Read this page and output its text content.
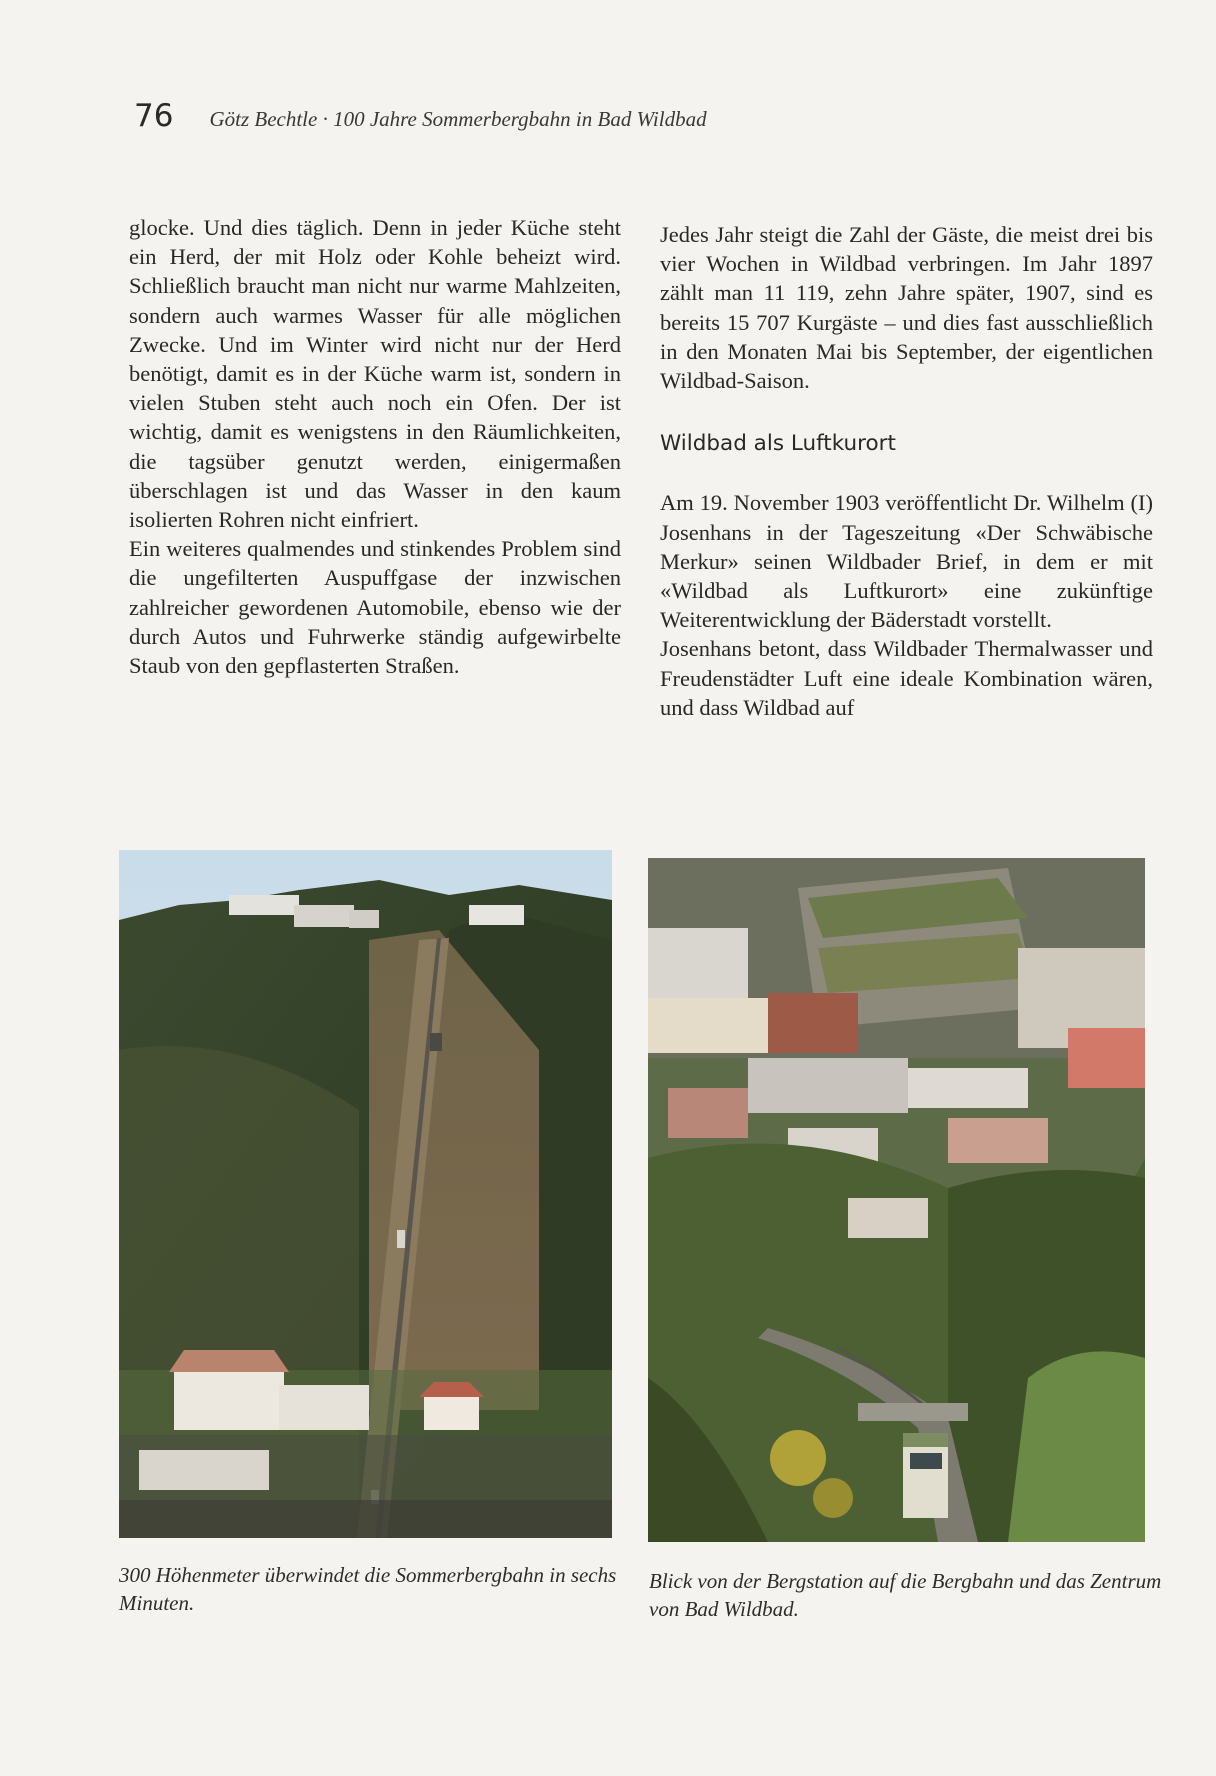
76 Götz Bechtle · 100 Jahre Sommerbergbahn in Bad Wildbad

glocke. Und dies täglich. Denn in jeder Küche steht ein Herd, der mit Holz oder Kohle beheizt wird. Schließlich braucht man nicht nur warme Mahlzeiten, sondern auch warmes Wasser für alle möglichen Zwecke. Und im Winter wird nicht nur der Herd benötigt, damit es in der Küche warm ist, sondern in vielen Stuben steht auch noch ein Ofen. Der ist wichtig, damit es wenigstens in den Räumlichkeiten, die tagsüber genutzt werden, einigermaßen überschlagen ist und das Wasser in den kaum isolierten Rohren nicht einfriert.

Ein weiteres qualmendes und stinkendes Problem sind die ungefilterten Auspuffgase der inzwischen zahlreicher gewordenen Automobile, ebenso wie der durch Autos und Fuhrwerke ständig aufgewirbelte Staub von den gepflasterten Straßen.

Jedes Jahr steigt die Zahl der Gäste, die meist drei bis vier Wochen in Wildbad verbringen. Im Jahr 1897 zählt man 11 119, zehn Jahre später, 1907, sind es bereits 15 707 Kurgäste – und dies fast ausschließlich in den Monaten Mai bis September, der eigentlichen Wildbad-Saison.

Wildbad als Luftkurort

Am 19. November 1903 veröffentlicht Dr. Wilhelm (I) Josenhans in der Tageszeitung «Der Schwäbische Merkur» seinen Wildbader Brief, in dem er mit «Wildbad als Luftkurort» eine zukünftige Weiterentwicklung der Bäderstadt vorstellt.

Josenhans betont, dass Wildbader Thermalwasser und Freudenstädter Luft eine ideale Kombination wären, und dass Wildbad auf

300 Höhenmeter überwindet die Sommerbergbahn in sechs Minuten.
Blick von der Bergstation auf die Bergbahn und das Zentrum von Bad Wildbad.
